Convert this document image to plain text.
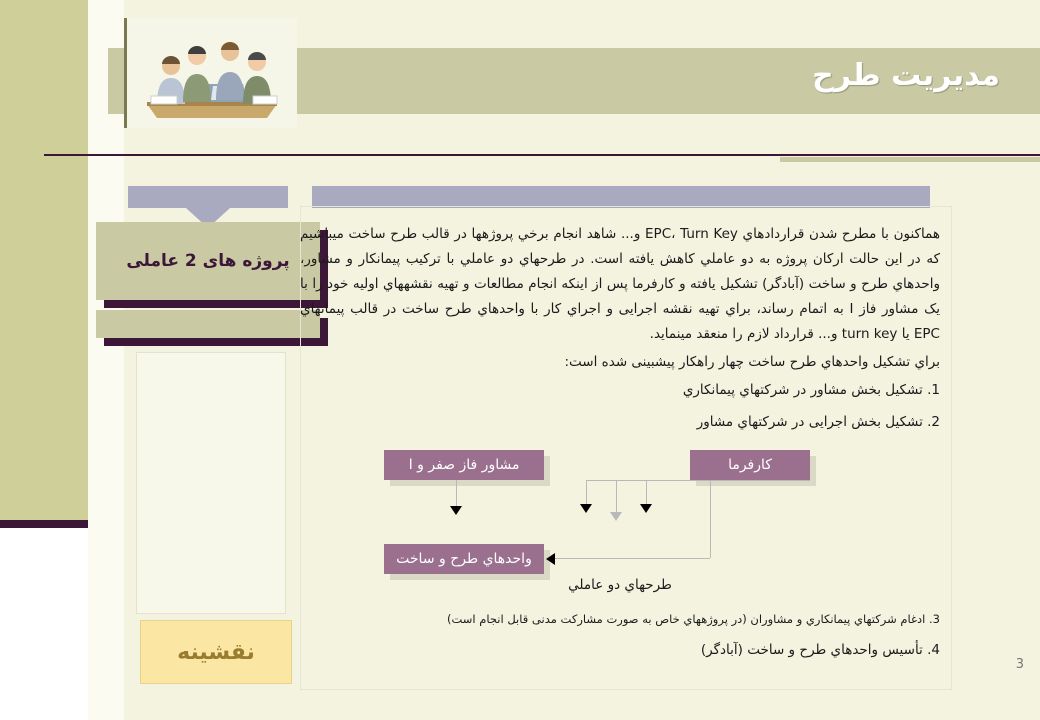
مدیریت طرح
پروژه های 2 عاملی
هماکنون با مطرح شدن قراردادهاي EPC، Turn Key و... شاهد انجام برخي پروژهها در قالب طرح ساخت ميباشيم که در این حالت ارکان پروژه به دو عاملي کاهش یافته است. در طرحهاي دو عاملي با ترکیب پیمانکار و مشاور، واحدهاي طرح و ساخت (آبادگر) تشکیل یافته و کارفرما پس از اینکه انجام مطالعات و تهیه نقشههاي اولیه خود را با یک مشاور فاز I به اتمام رساند، براي تهیه نقشه اجرایی و اجراي کار با واحدهاي طرح ساخت در قالب پیمانهاي EPC یا turn key و... قرارداد لازم را منعقد مينماید.
براي تشکیل واحدهاي طرح ساخت چهار راهکار پیشبینی شده است:
1. تشکیل بخش مشاور در شرکتهاي پیمانکاري
2. تشکیل بخش اجرایی در شرکتهاي مشاور
مشاور فاز صفر و I	کارفرما
واحدهاي طرح و ساخت
طرحهاي دو عاملي
3. ادغام شرکتهاي پیمانکاري و مشاوران (در پروژههاي خاص به صورت مشارکت مدنی قابل انجام است)
4. تأسیس واحدهاي طرح و ساخت (آبادگر)
نقشینه	3
